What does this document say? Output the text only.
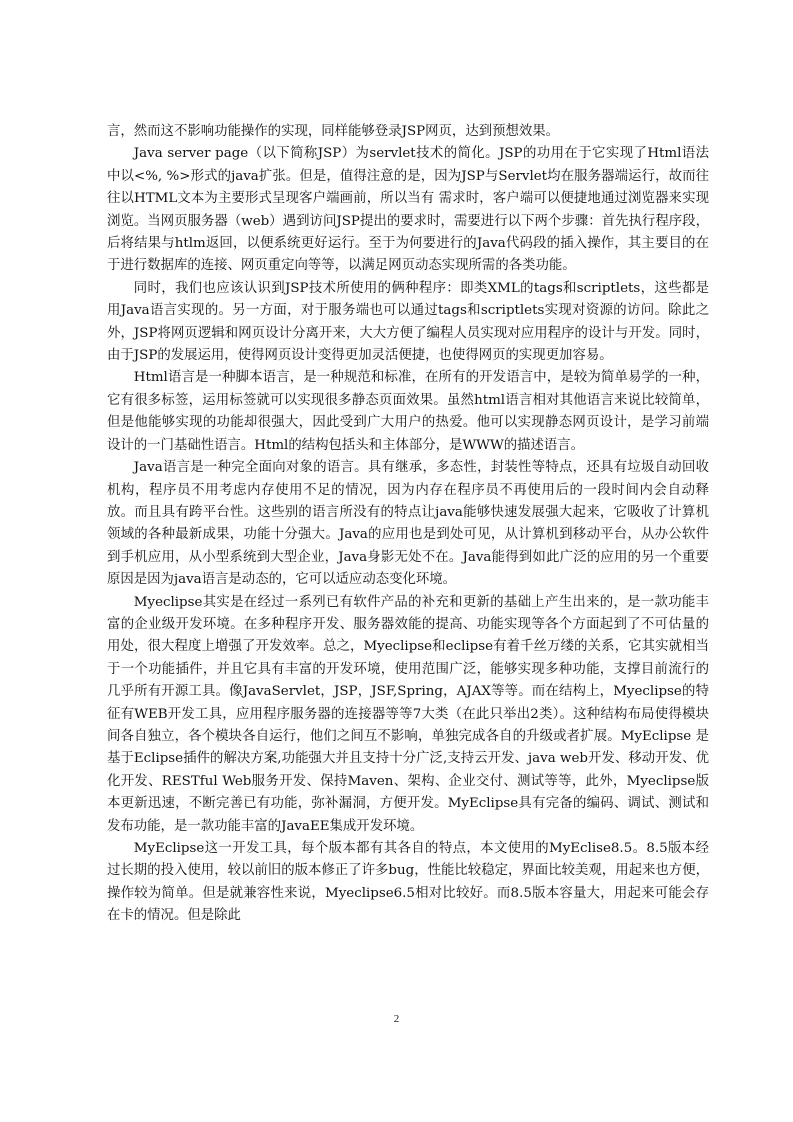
言，然而这不影响功能操作的实现，同样能够登录JSP网页，达到预想效果。

Java server page（以下简称JSP）为servlet技术的简化。JSP的功用在于它实现了Html语法中以<%, %>形式的java扩张。但是，值得注意的是，因为JSP与Servlet均在服务器端运行，故而往往以HTML文本为主要形式呈现客户端画前，所以当有 需求时，客户端可以便捷地通过浏览器来实现浏览。当网页服务器（web）遇到访问JSP提出的要求时，需要进行以下两个步骤：首先执行程序段，后将结果与htlm返回，以便系统更好运行。至于为何要进行的Java代码段的插入操作，其主要目的在于进行数据库的连接、网页重定向等等，以满足网页动态实现所需的各类功能。

同时，我们也应该认识到JSP技术所使用的俩种程序：即类XML的tags和scriptlets，这些都是用Java语言实现的。另一方面，对于服务端也可以通过tags和scriptlets实现对资源的访问。除此之外，JSP将网页逻辑和网页设计分离开来，大大方便了编程人员实现对应用程序的设计与开发。同时，由于JSP的发展运用，使得网页设计变得更加灵活便捷，也使得网页的实现更加容易。

Html语言是一种脚本语言，是一种规范和标准，在所有的开发语言中，是较为简单易学的一种，它有很多标签，运用标签就可以实现很多静态页面效果。虽然html语言相对其他语言来说比较简单，但是他能够实现的功能却很强大，因此受到广大用户的热爱。他可以实现静态网页设计，是学习前端设计的一门基础性语言。Html的结构包括头和主体部分，是WWW的描述语言。

Java语言是一种完全面向对象的语言。具有继承，多态性，封装性等特点，还具有垃圾自动回收机构，程序员不用考虑内存使用不足的情况，因为内存在程序员不再使用后的一段时间内会自动释放。而且具有跨平台性。这些别的语言所没有的特点让java能够快速发展强大起来，它吸收了计算机领域的各种最新成果，功能十分强大。Java的应用也是到处可见，从计算机到移动平台，从办公软件到手机应用，从小型系统到大型企业，Java身影无处不在。Java能得到如此广泛的应用的另一个重要原因是因为java语言是动态的，它可以适应动态变化环境。

Myeclipse其实是在经过一系列已有软件产品的补充和更新的基础上产生出来的，是一款功能丰富的企业级开发环境。在多种程序开发、服务器效能的提高、功能实现等各个方面起到了不可估量的用处，很大程度上增强了开发效率。总之，Myeclipse和eclipse有着千丝万缕的关系，它其实就相当于一个功能插件，并且它具有丰富的开发环境，使用范围广泛，能够实现多种功能，支撑目前流行的几乎所有开源工具。像JavaServlet，JSP，JSF,Spring，AJAX等等。而在结构上，Myeclipse的特征有WEB开发工具，应用程序服务器的连接器等等7大类（在此只举出2类）。这种结构布局使得模块间各自独立，各个模块各自运行，他们之间互不影响，单独完成各自的升级或者扩展。MyEclipse 是基于Eclipse插件的解决方案,功能强大并且支持十分广泛,支持云开发、java web开发、移动开发、优化开发、RESTful Web服务开发、保持Maven、架构、企业交付、测试等等，此外，Myeclipse版本更新迅速，不断完善已有功能，弥补漏洞，方便开发。MyEclipse具有完备的编码、调试、测试和发布功能，是一款功能丰富的JavaEE集成开发环境。

MyEclipse这一开发工具，每个版本都有其各自的特点，本文使用的MyEclise8.5。8.5版本经过长期的投入使用，较以前旧的版本修正了许多bug，性能比较稳定，界面比较美观，用起来也方便，操作较为简单。但是就兼容性来说，Myeclipse6.5相对比较好。而8.5版本容量大，用起来可能会存在卡的情况。但是除此

2
